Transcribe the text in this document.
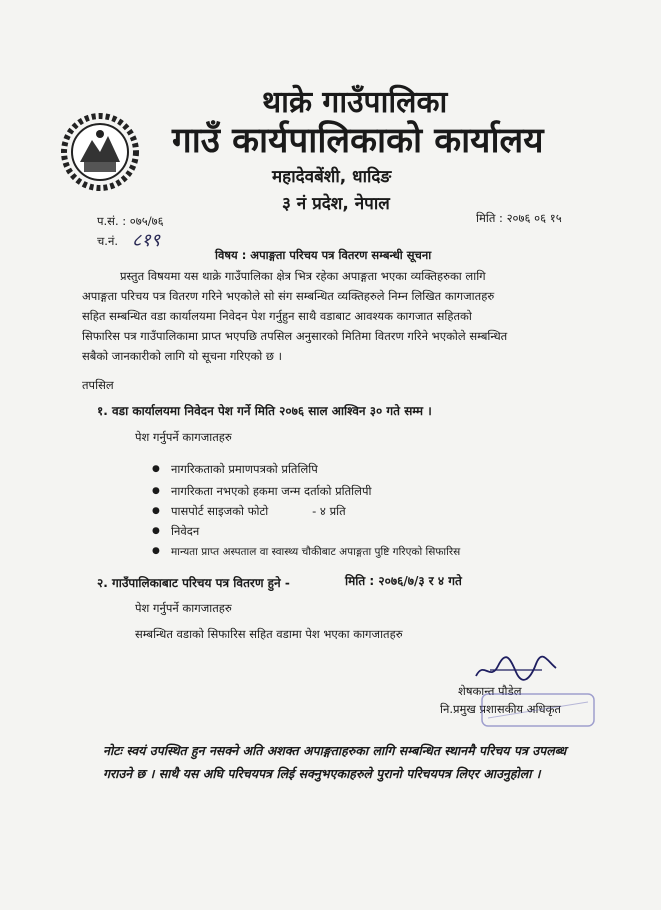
थाक्रे गाउँपालिका
गाउँ कार्यपालिकाको कार्यालय
महादेवबेंशी, धादिङ
३ नं प्रदेश, नेपाल
प.सं. : ०७५/७६
च.नं. ८१९
मिति : २०७६ ०६ १५
विषय : अपाङ्गता परिचय पत्र वितरण सम्बन्धी सूचना
प्रस्तुत विषयमा यस थाक्रे गाउँपालिका क्षेत्र भित्र रहेका अपाङ्गता भएका व्यक्तिहरुका लागि
अपाङ्गता परिचय पत्र वितरण गरिने भएकोले सो संग सम्बन्धित व्यक्तिहरुले निम्न लिखित कागजातहरु
सहित सम्बन्धित वडा कार्यालयमा निवेदन पेश गर्नुहुन साथै वडाबाट आवश्यक कागजात सहितको
सिफारिस पत्र गाउँपालिकामा प्राप्त भएपछि तपसिल अनुसारको मितिमा वितरण गरिने भएकोले सम्बन्धित
सबैको जानकारीको लागि यो सूचना गरिएको छ ।
तपसिल
१. वडा कार्यालयमा निवेदन पेश गर्ने मिति २०७६ साल आश्विन ३० गते सम्म ।
पेश गर्नुपर्ने कागजातहरु
● नागरिकताको प्रमाणपत्रको प्रतिलिपि
● नागरिकता नभएको हकमा जन्म दर्ताको प्रतिलिपी
● पासपोर्ट साइजको फोटो            - ४ प्रति
● निवेदन
● मान्यता प्राप्त अस्पताल वा स्वास्थ्य चौकीबाट अपाङ्गता पुष्टि गरिएको सिफारिस
२. गाउँपालिकाबाट परिचय पत्र वितरण हुने -	मिति : २०७६/७/३ र ४ गते
पेश गर्नुपर्ने कागजातहरु
सम्बन्धित वडाको सिफारिस सहित वडामा पेश भएका कागजातहरु
शेषकान्त पौडेल
नि.प्रमुख प्रशासकीय अधिकृत
नोटः स्वयं उपस्थित हुन नसक्ने अति अशक्त अपाङ्गताहरुका लागि सम्बन्धित स्थानमै परिचय पत्र उपलब्ध
गराउने छ । साथै यस अघि परिचयपत्र लिई सक्नुभएकाहरुले पुरानो परिचयपत्र लिएर आउनुहोला ।
